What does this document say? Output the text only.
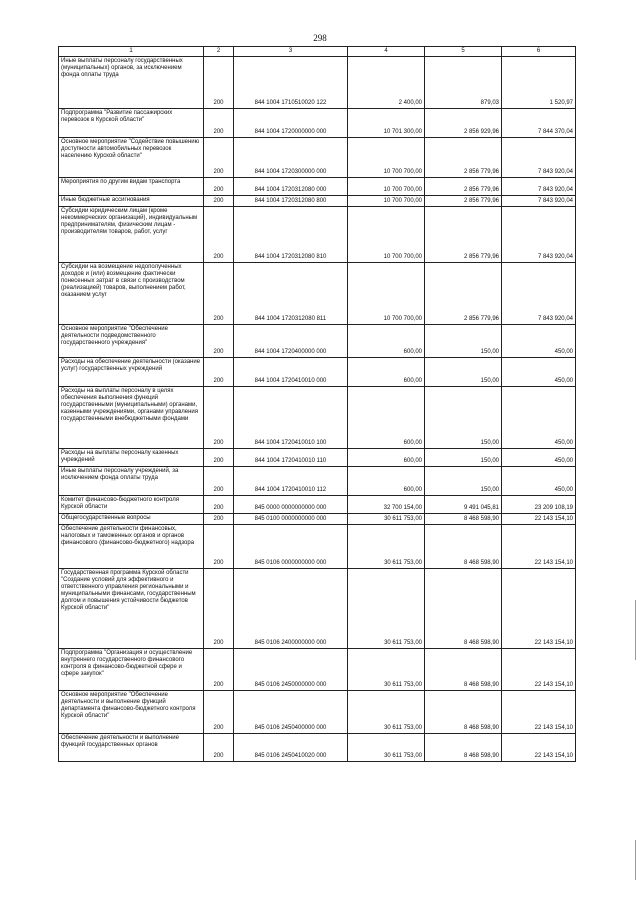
298
1	2	3	4	5	6
Иные выплаты персоналу государственных (муниципальных) органов, за исключением фонда оплаты труда	200	844 1004 1710510020 122	2 400,00	879,03	1 520,97
Подпрограмма "Развитие пассажирских перевозок в Курской области"	200	844 1004 1720000000 000	10 701 300,00	2 856 929,96	7 844 370,04
Основное мероприятие "Содействие повышению доступности автомобильных перевозок населению Курской области"	200	844 1004 1720300000 000	10 700 700,00	2 856 779,96	7 843 920,04
Мероприятия по другим видам транспорта	200	844 1004 1720312080 000	10 700 700,00	2 856 779,96	7 843 920,04
Иные бюджетные ассигнования	200	844 1004 1720312080 800	10 700 700,00	2 856 779,96	7 843 920,04
Субсидии юридическим лицам (кроме некоммерческих организаций), индивидуальным предпринимателям, физическим лицам - производителям товаров, работ, услуг	200	844 1004 1720312080 810	10 700 700,00	2 856 779,96	7 843 920,04
Субсидии на возмещение недополученных доходов и (или) возмещение фактически понесенных затрат в связи с производством (реализацией) товаров, выполнением работ, оказанием услуг	200	844 1004 1720312080 811	10 700 700,00	2 856 779,96	7 843 920,04
Основное мероприятие "Обеспечение деятельности подведомственного государственного учреждения"	200	844 1004 1720400000 000	600,00	150,00	450,00
Расходы на обеспечение деятельности (оказание услуг) государственных учреждений	200	844 1004 1720410010 000	600,00	150,00	450,00
Расходы на выплаты персоналу в целях обеспечения выполнения функций государственными (муниципальными) органами, казенными учреждениями, органами управления государственными внебюджетными фондами	200	844 1004 1720410010 100	600,00	150,00	450,00
Расходы на выплаты персоналу казенных учреждений	200	844 1004 1720410010 110	600,00	150,00	450,00
Иные выплаты персоналу учреждений, за исключением фонда оплаты труда	200	844 1004 1720410010 112	600,00	150,00	450,00
Комитет финансово-бюджетного контроля Курской области	200	845 0000 0000000000 000	32 700 154,00	9 491 045,81	23 209 108,19
Общегосударственные вопросы	200	845 0100 0000000000 000	30 611 753,00	8 468 598,90	22 143 154,10
Обеспечение деятельности финансовых, налоговых и таможенных органов и органов финансового (финансово-бюджетного) надзора	200	845 0106 0000000000 000	30 611 753,00	8 468 598,90	22 143 154,10
Государственная программа Курской области "Создание условий для эффективного и ответственного управления региональными и муниципальными финансами, государственным долгом и повышения устойчивости бюджетов Курской области"	200	845 0106 2400000000 000	30 611 753,00	8 468 598,90	22 143 154,10
Подпрограмма "Организация и осуществление внутреннего государственного финансового контроля в финансово-бюджетной сфере и сфере закупок"	200	845 0106 2450000000 000	30 611 753,00	8 468 598,90	22 143 154,10
Основное мероприятие "Обеспечение деятельности и выполнение функций департамента финансово-бюджетного контроля Курской области"	200	845 0106 2450400000 000	30 611 753,00	8 468 598,90	22 143 154,10
Обеспечение деятельности и выполнение функций государственных органов	200	845 0106 2450410020 000	30 611 753,00	8 468 598,90	22 143 154,10
